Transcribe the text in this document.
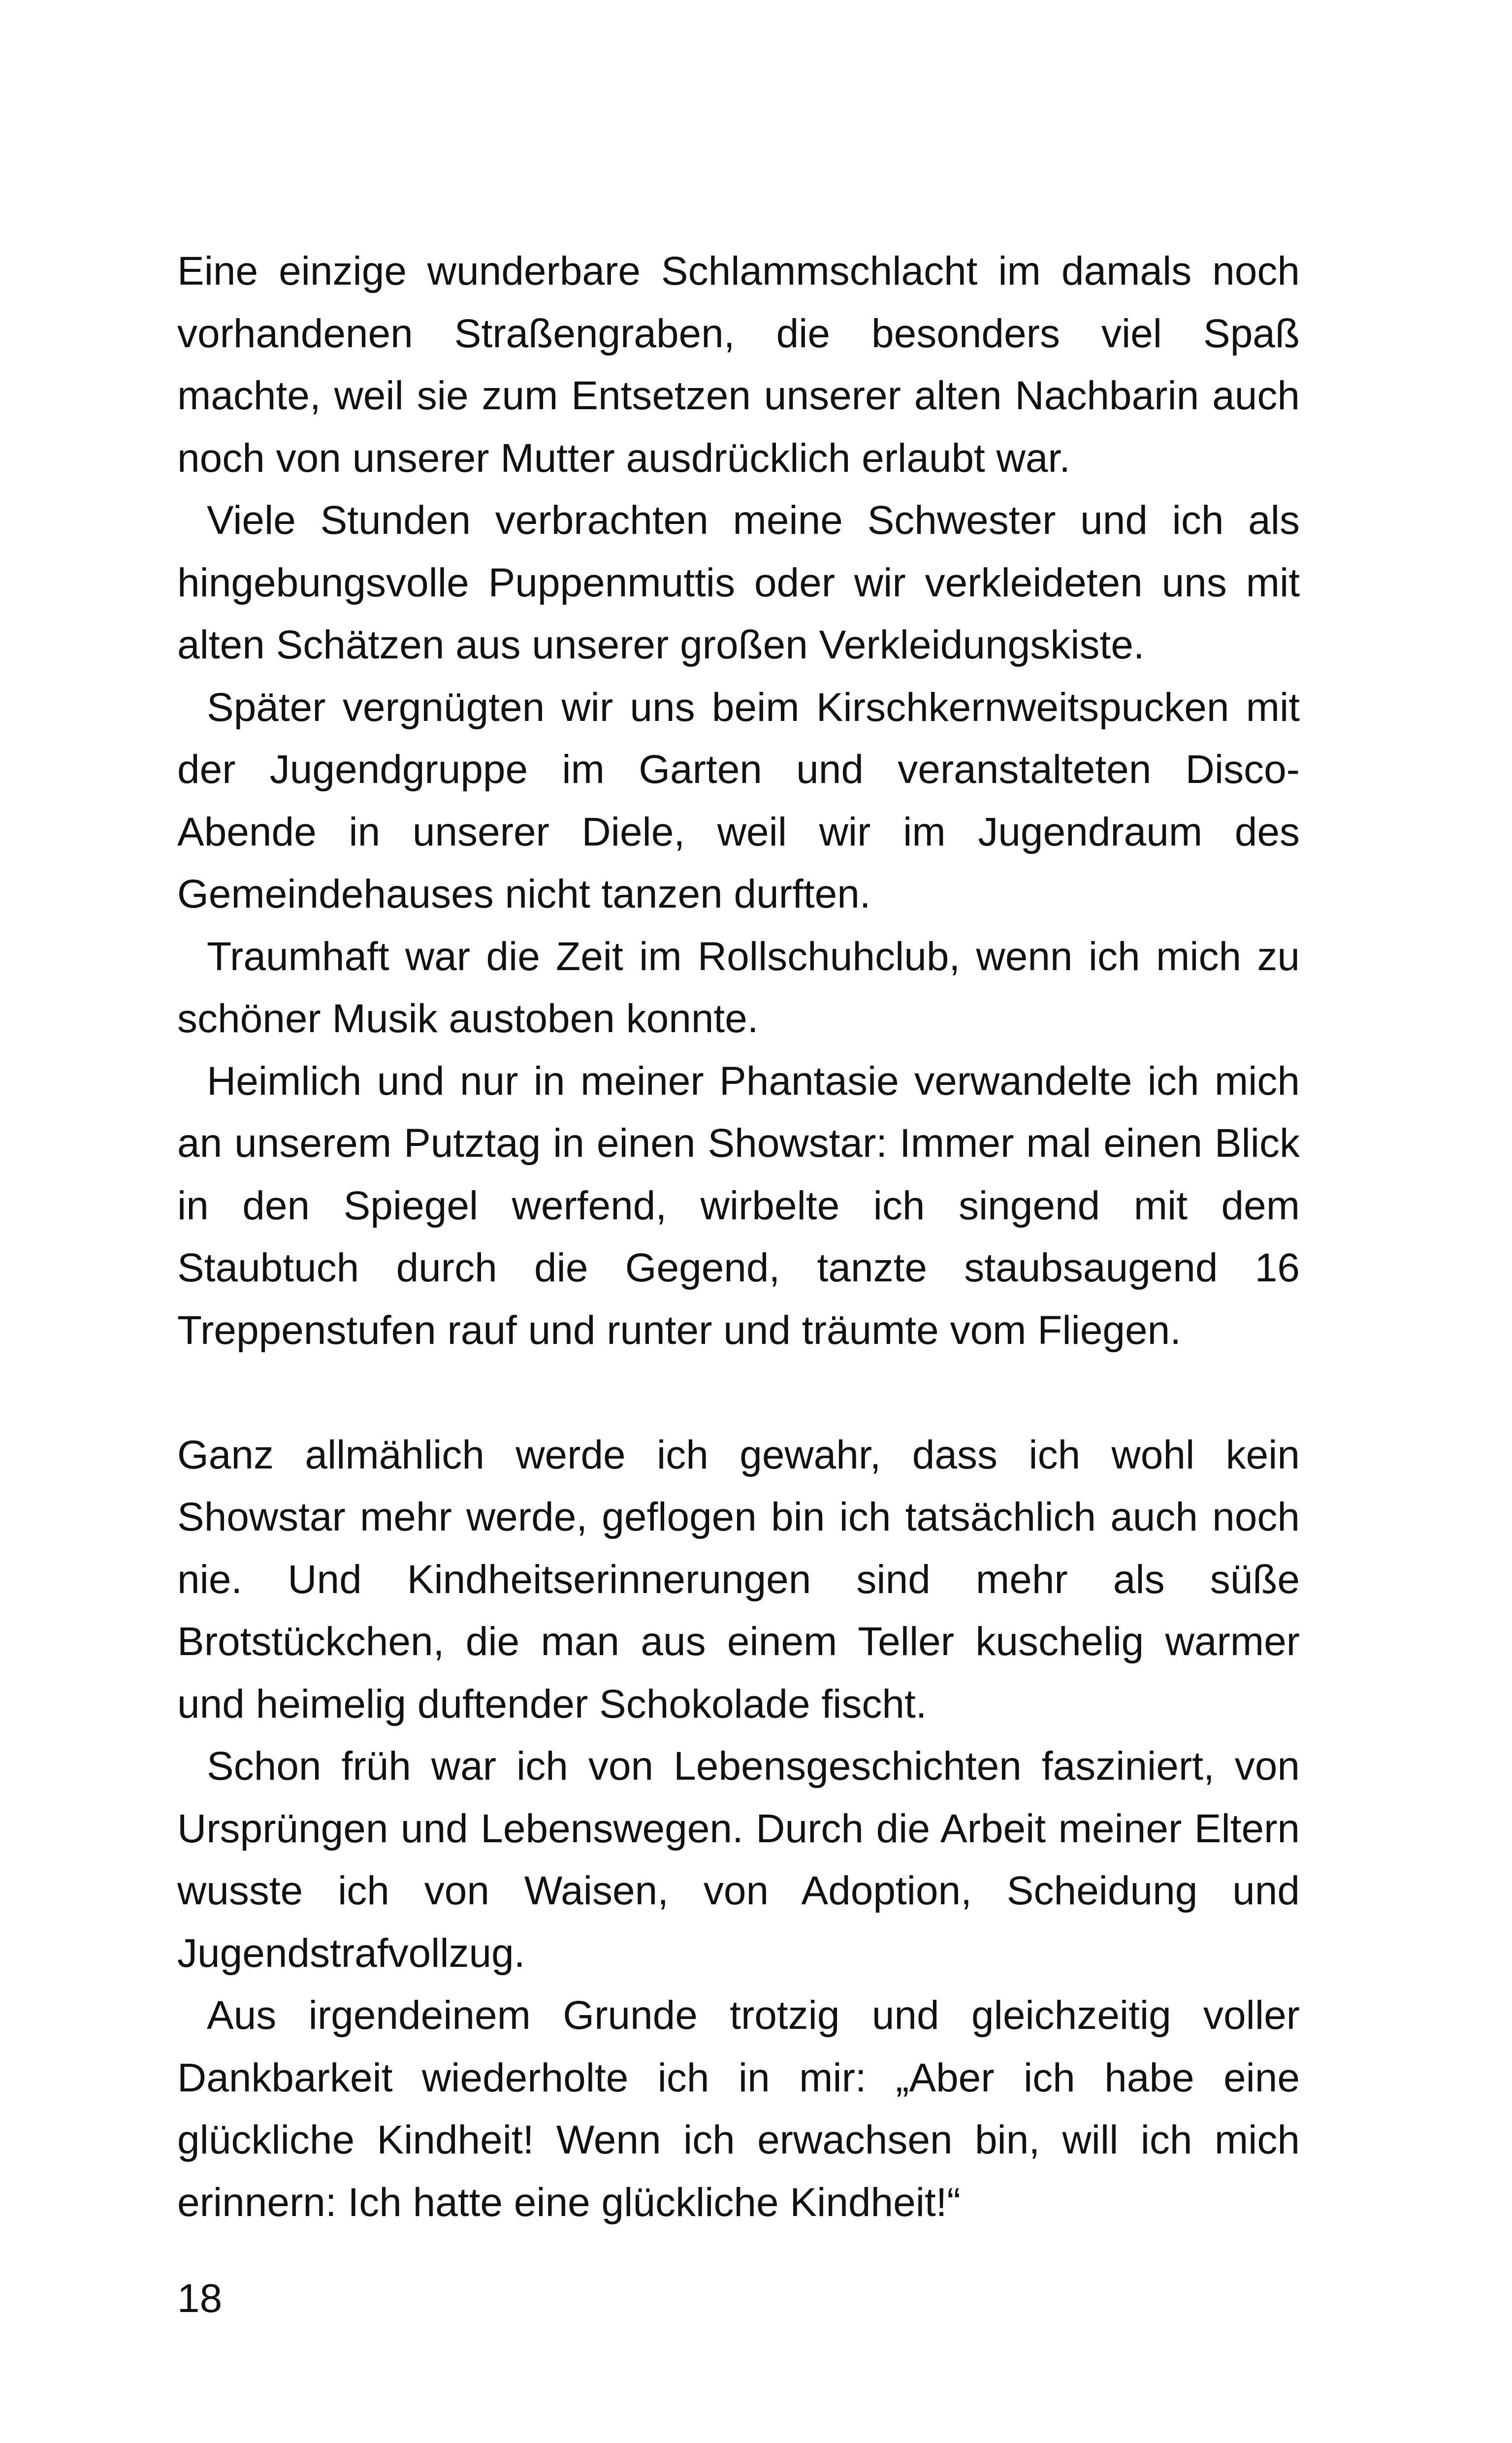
Eine einzige wunderbare Schlammschlacht im damals noch vorhandenen Straßengraben, die besonders viel Spaß machte, weil sie zum Entsetzen unserer alten Nachbarin auch noch von unserer Mutter ausdrücklich erlaubt war.

Viele Stunden verbrachten meine Schwester und ich als hingebungsvolle Puppenmuttis oder wir verkleideten uns mit alten Schätzen aus unserer großen Verkleidungskiste.

Später vergnügten wir uns beim Kirschkernweitspucken mit der Jugendgruppe im Garten und veranstalteten Disco-Abende in unserer Diele, weil wir im Jugendraum des Gemeindehauses nicht tanzen durften.

Traumhaft war die Zeit im Rollschuhclub, wenn ich mich zu schöner Musik austoben konnte.

Heimlich und nur in meiner Phantasie verwandelte ich mich an unserem Putztag in einen Showstar: Immer mal einen Blick in den Spiegel werfend, wirbelte ich singend mit dem Staubtuch durch die Gegend, tanzte staubsaugend 16 Treppenstufen rauf und runter und träumte vom Fliegen.

Ganz allmählich werde ich gewahr, dass ich wohl kein Showstar mehr werde, geflogen bin ich tatsächlich auch noch nie. Und Kindheitserinnerungen sind mehr als süße Brotstückchen, die man aus einem Teller kuschelig warmer und heimelig duftender Schokolade fischt.

Schon früh war ich von Lebensgeschichten fasziniert, von Ursprüngen und Lebenswegen. Durch die Arbeit meiner Eltern wusste ich von Waisen, von Adoption, Scheidung und Jugendstrafvollzug.

Aus irgendeinem Grunde trotzig und gleichzeitig voller Dankbarkeit wiederholte ich in mir: „Aber ich habe eine glückliche Kindheit! Wenn ich erwachsen bin, will ich mich erinnern: Ich hatte eine glückliche Kindheit!“

18
